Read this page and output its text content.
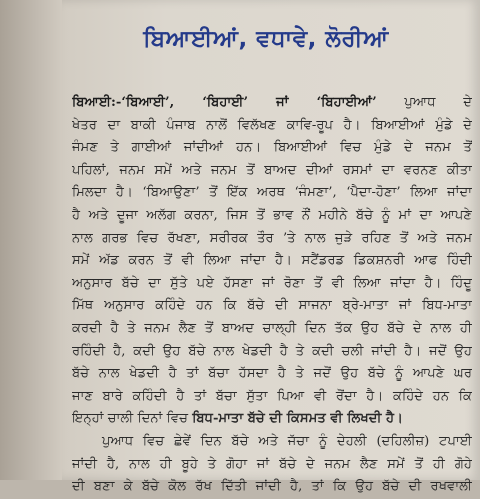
ਬਿਆਈਆਂ, ਵਧਾਵੇ, ਲੋਰੀਆਂ
ਬਿਆਈ:-‘ਬਿਆਈ’, ‘ਬਿਹਾਈ’ ਜਾਂ ‘ਬਿਹਾਈਆਂ’ ਪੁਆਧ ਦੇ
ਖੇਤਰ ਦਾ ਬਾਕੀ ਪੰਜਾਬ ਨਾਲੋਂ ਵਿਲੱਖਣ ਕਾਵਿ-ਰੂਪ ਹੈ। ਬਿਆਈਆਂ ਮੁੰਡੇ ਦੇ
ਜੰਮਣ ਤੇ ਗਾਈਆਂ ਜਾਂਦੀਆਂ ਹਨ। ਬਿਆਈਆਂ ਵਿਚ ਮੁੰਡੇ ਦੇ ਜਨਮ ਤੋਂ
ਪਹਿਲਾਂ, ਜਨਮ ਸਮੇਂ ਅਤੇ ਜਨਮ ਤੋਂ ਬਾਅਦ ਦੀਆਂ ਰਸਮਾਂ ਦਾ ਵਰਨਣ ਕੀਤਾ
ਮਿਲਦਾ ਹੈ। ‘ਬਿਆਉਣਾ’ ਤੋਂ ਇੱਕ ਅਰਥ ‘ਜੰਮਣਾ’, ‘ਪੈਦਾ-ਹੋਣਾ’ ਲਿਆ ਜਾਂਦਾ
ਹੈ ਅਤੇ ਦੂਜਾ ਅਲੱਗ ਕਰਨਾ, ਜਿਸ ਤੋਂ ਭਾਵ ਨੌਂ ਮਹੀਨੇ ਬੱਚੇ ਨੂੰ ਮਾਂ ਦਾ ਆਪਣੇ
ਨਾਲ ਗਰਭ ਵਿਚ ਰੱਖਣਾ, ਸਰੀਰਕ ਤੌਰ ’ਤੇ ਨਾਲ ਜੁੜੇ ਰਹਿਣ ਤੋਂ ਅਤੇ ਜਨਮ
ਸਮੇਂ ਅੱਡ ਕਰਨ ਤੋਂ ਵੀ ਲਿਆ ਜਾਂਦਾ ਹੈ। ਸਟੈਂਡਰਡ ਡਿਕਸ਼ਨਰੀ ਆਫ ਹਿੰਦੀ
ਅਨੁਸਾਰ ਬੱਚੇ ਦਾ ਸੁੱਤੇ ਪਏ ਹੱਸਣਾ ਜਾਂ ਰੋਣਾ ਤੋਂ ਵੀ ਲਿਆ ਜਾਂਦਾ ਹੈ। ਹਿੰਦੂ
ਮਿੱਥ ਅਨੁਸਾਰ ਕਹਿੰਦੇ ਹਨ ਕਿ ਬੱਚੇ ਦੀ ਸਾਜਨਾ ਬ੍ਰੇ-ਮਾਤਾ ਜਾਂ ਬਿਧ-ਮਾਤਾ
ਕਰਦੀ ਹੈ ਤੇ ਜਨਮ ਲੈਣ ਤੋਂ ਬਾਅਦ ਚਾਲ੍ਹੀ ਦਿਨ ਤੱਕ ਉਹ ਬੱਚੇ ਦੇ ਨਾਲ ਹੀ
ਰਹਿੰਦੀ ਹੈ, ਕਦੀ ਉਹ ਬੱਚੇ ਨਾਲ ਖੇਡਦੀ ਹੈ ਤੇ ਕਦੀ ਚਲੀ ਜਾਂਦੀ ਹੈ। ਜਦੋਂ ਉਹ
ਬੱਚੇ ਨਾਲ ਖੇਡਦੀ ਹੈ ਤਾਂ ਬੱਚਾ ਹੱਸਦਾ ਹੈ ਤੇ ਜਦੋਂ ਉਹ ਬੱਚੇ ਨੂੰ ਆਪਣੇ ਘਰ
ਜਾਣ ਬਾਰੇ ਕਹਿੰਦੀ ਹੈ ਤਾਂ ਬੱਚਾ ਸੁੱਤਾ ਪਿਆ ਵੀ ਰੋਂਦਾ ਹੈ। ਕਹਿੰਦੇ ਹਨ ਕਿ
ਇਨ੍ਹਾਂ ਚਾਲੀ ਦਿਨਾਂ ਵਿਚ ਬਿਧ-ਮਾਤਾ ਬੱਚੇ ਦੀ ਕਿਸਮਤ ਵੀ ਲਿਖਦੀ ਹੈ।
ਪੁਆਧ ਵਿਚ ਛੇਵੇਂ ਦਿਨ ਬੱਚੇ ਅਤੇ ਜੱਚਾ ਨੂੰ ਦੇਹਲੀ (ਦਹਿਲੀਜ਼) ਟਪਾਈ
ਜਾਂਦੀ ਹੈ, ਨਾਲ ਹੀ ਬੂਹੇ ਤੇ ਗੋਹਾ ਜਾਂ ਬੱਚੇ ਦੇ ਜਨਮ ਲੈਣ ਸਮੇਂ ਤੋਂ ਹੀ ਗੋਹੇ
ਦੀ ਬਣਾ ਕੇ ਬੱਚੇ ਕੋਲ ਰੱਖ ਦਿੱਤੀ ਜਾਂਦੀ ਹੈ, ਤਾਂ ਕਿ ਉਹ ਬੱਚੇ ਦੀ ਰਖਵਾਲੀ
